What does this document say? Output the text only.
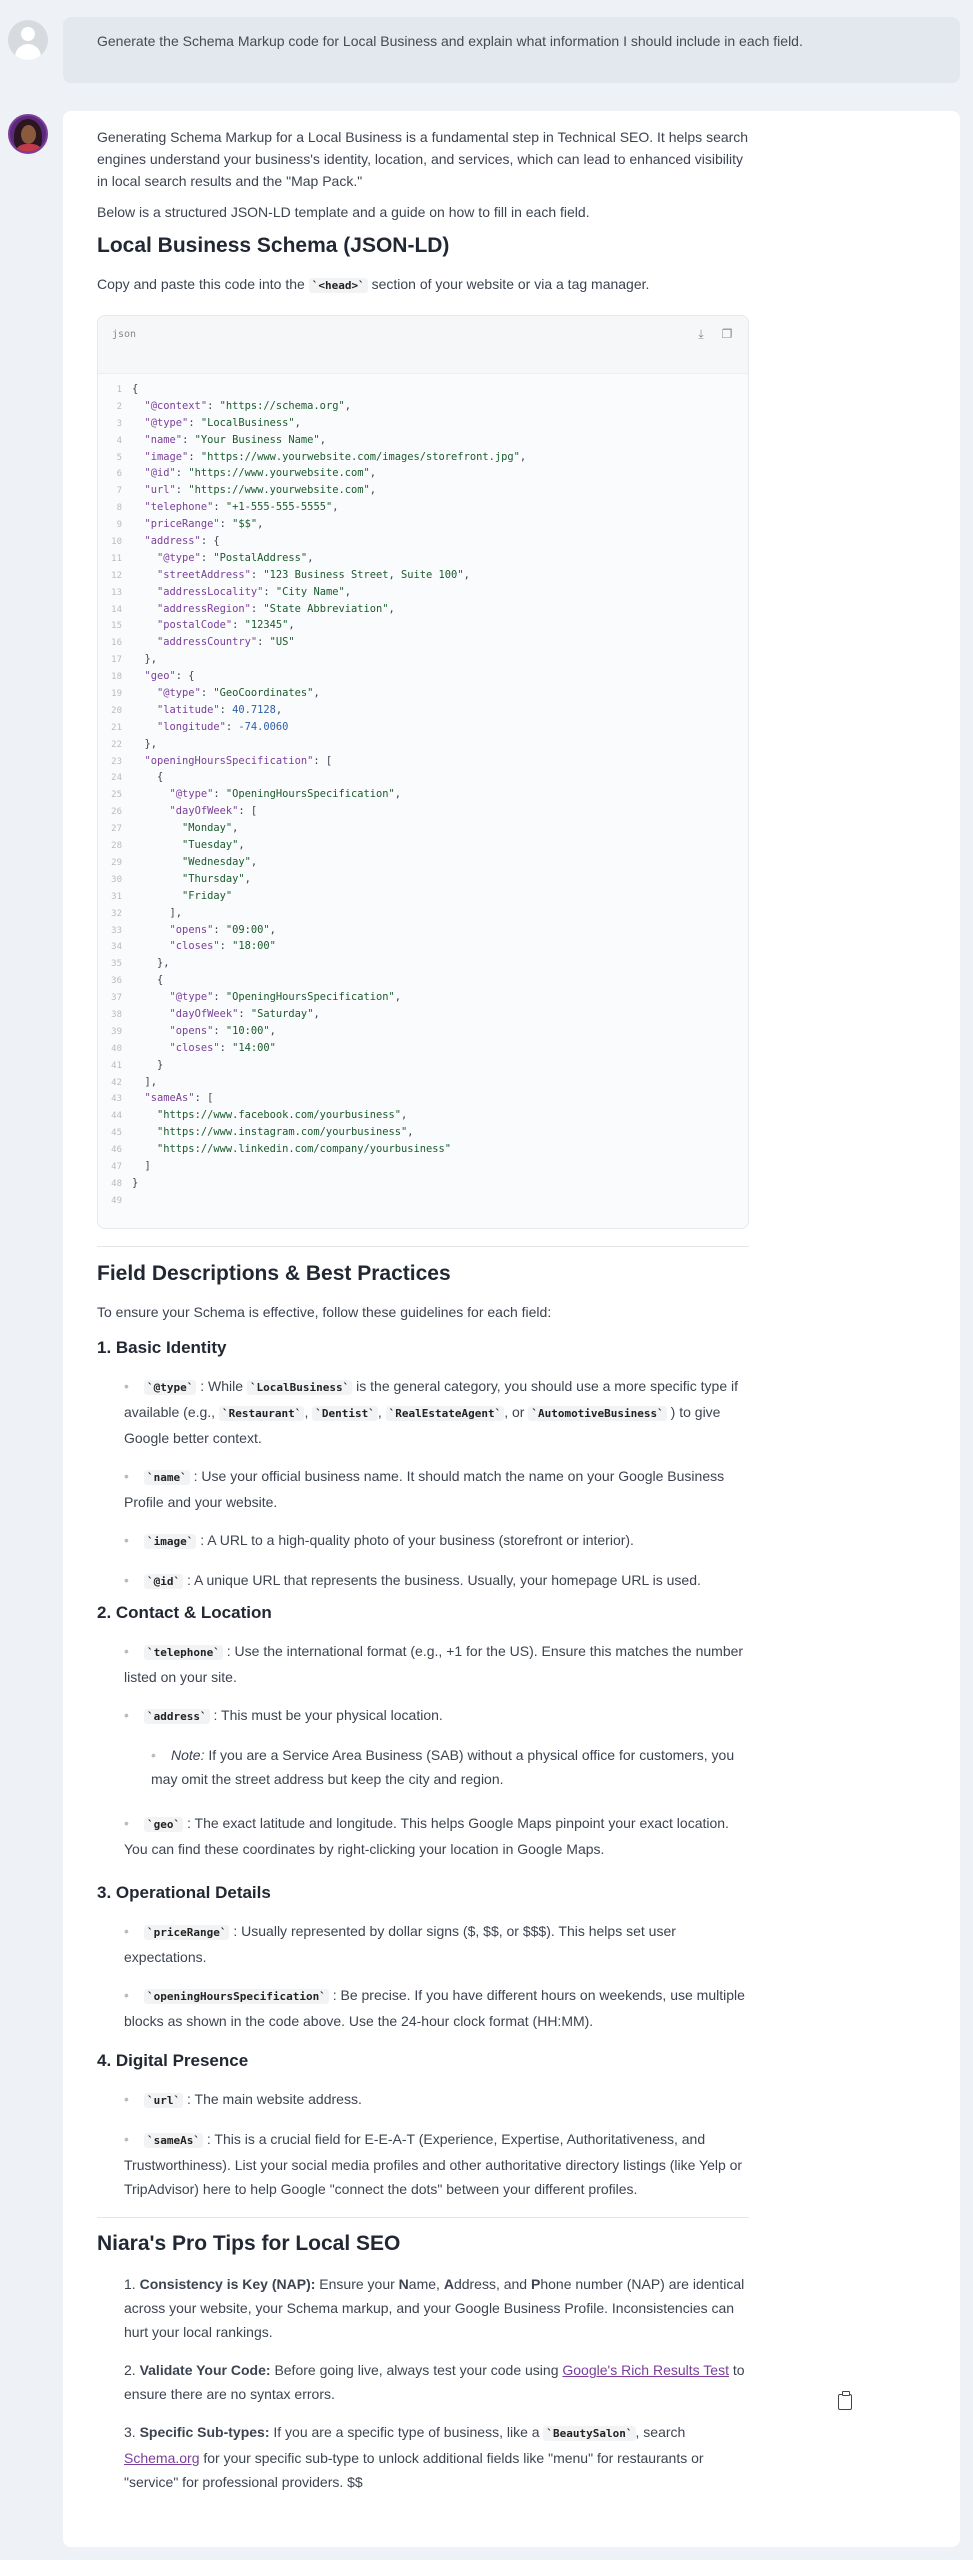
Generate the Schema Markup code for Local Business and explain what information I should include in each field.

Generating Schema Markup for a Local Business is a fundamental step in Technical SEO. It helps search engines understand your business's identity, location, and services, which can lead to enhanced visibility in local search results and the "Map Pack."

Below is a structured JSON-LD template and a guide on how to fill in each field.

Local Business Schema (JSON-LD)

Copy and paste this code into the `<head>` section of your website or via a tag manager.

json	⤓	❐
1 {
2 "@context": "https://schema.org",
3 "@type": "LocalBusiness",
4 "name": "Your Business Name",
5 "image": "https://www.yourwebsite.com/images/storefront.jpg",
6 "@id": "https://www.yourwebsite.com",
7 "url": "https://www.yourwebsite.com",
8 "telephone": "+1-555-555-5555",
9 "priceRange": "$$",
10 "address": {
11	"@type": "PostalAddress",
12	"streetAddress": "123 Business Street, Suite 100",
13	"addressLocality": "City Name",
14	"addressRegion": "State Abbreviation",
15	"postalCode": "12345",
16	"addressCountry": "US"
17  },
18 "geo": {
19	"@type": "GeoCoordinates",
20	"latitude": 40.7128,
21	"longitude": -74.0060
22  },
23 "openingHoursSpecification": [
24    {
25	"@type": "OpeningHoursSpecification",
26	"dayOfWeek": [
27	"Monday",
28	"Tuesday",
29	"Wednesday",
30	"Thursday",
31	"Friday"
32      ],
33	"opens": "09:00",
34	"closes": "18:00"
35    },
36    {
37	"@type": "OpeningHoursSpecification",
38	"dayOfWeek": "Saturday",
39	"opens": "10:00",
40	"closes": "14:00"
41    }
42  ],
43 "sameAs": [
44	"https://www.facebook.com/yourbusiness",
45	"https://www.instagram.com/yourbusiness",
46	"https://www.linkedin.com/company/yourbusiness"
47  ]
48 }
49
Field Descriptions & Best Practices

To ensure your Schema is effective, follow these guidelines for each field:

1. Basic Identity
• `@type` : While `LocalBusiness` is the general category, you should use a more specific type if available (e.g., `Restaurant` , `Dentist` , `RealEstateAgent` , or `AutomotiveBusiness` ) to give Google better context.
• `name` : Use your official business name. It should match the name on your Google Business Profile and your website.
• `image` : A URL to a high-quality photo of your business (storefront or interior).
• `@id` : A unique URL that represents the business. Usually, your homepage URL is used.
2. Contact & Location
• `telephone` : Use the international format (e.g., +1 for the US). Ensure this matches the number listed on your site.
• `address` : This must be your physical location.
• Note: If you are a Service Area Business (SAB) without a physical office for customers, you may omit the street address but keep the city and region.
• `geo` : The exact latitude and longitude. This helps Google Maps pinpoint your exact location. You can find these coordinates by right-clicking your location in Google Maps.
3. Operational Details
• `priceRange` : Usually represented by dollar signs ($, $$, or $$$). This helps set user expectations.
• `openingHoursSpecification` : Be precise. If you have different hours on weekends, use multiple blocks as shown in the code above. Use the 24-hour clock format (HH:MM).
4. Digital Presence
• `url` : The main website address.
• `sameAs` : This is a crucial field for E-E-A-T (Experience, Expertise, Authoritativeness, and Trustworthiness). List your social media profiles and other authoritative directory listings (like Yelp or TripAdvisor) here to help Google "connect the dots" between your different profiles.
Niara's Pro Tips for Local SEO
1. Consistency is Key (NAP): Ensure your Name, Address, and Phone number (NAP) are identical across your website, your Schema markup, and your Google Business Profile. Inconsistencies can hurt your local rankings.
2. Validate Your Code: Before going live, always test your code using Google's Rich Results Test to ensure there are no syntax errors.
3. Specific Sub-types: If you are a specific type of business, like a `BeautySalon` , search Schema.org for your specific sub-type to unlock additional fields like "menu" for restaurants or "service" for professional providers. $$
